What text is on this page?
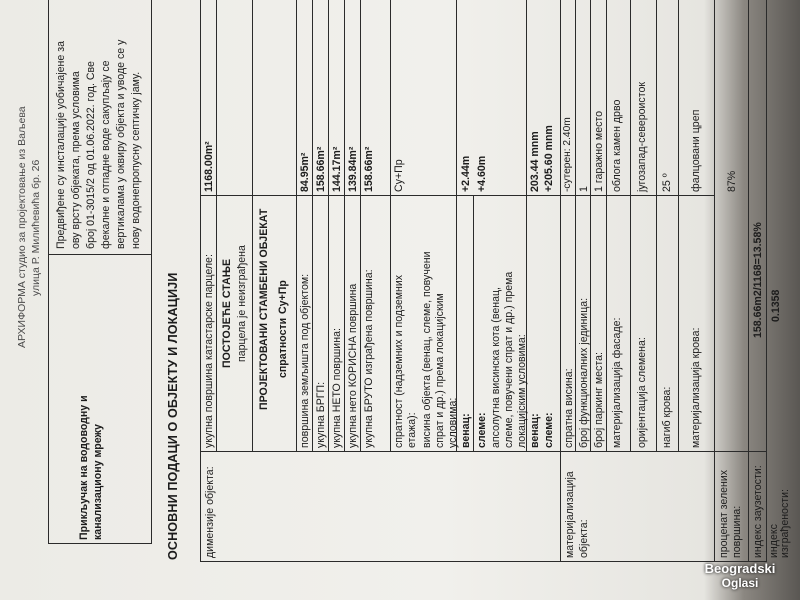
АРХИФОРМА студио за пројектовање из Ваљева улица Р. Милићевића бр. 26
Прикључак на водоводну и канализациону мрежу
Предвиђене су инсталације уобичајене за ову врсту објеката, према условима број 01-3015/2 од 01.06.2022. год. Све фекалне и отпадне воде сакупљају се вертикалама у оквиру објекта и уводе се у нову водонепропусну септичку јаму.
ОСНОВНИ ПОДАЦИ О ОБЈЕКТУ И ЛОКАЦИЈИ димензије објекта:	материјализација објекта:
укупна површина катастарске парцеле:
1168.00m²
ПОСТОЈЕЋЕ СТАЊЕ парцела је неизграђена ПРОЈЕКТОВАНИ СТАМБЕНИ ОБЈЕКАТ спратности
Су+Пр површина земљишта под објектом:
84.95m²
укупна БРГП:
158.66m²
укупна НЕТО површина:
144.17m²
укупна нето КОРИСНА површина
139.84m²
укупна БРУТО изграђена површина:
158.66m²
спратност (надземних и подземних етажа):
Су+Пр
висина објекта (венац, слеме, повучени спрат и др.) према локацијским условима: венац:
+2.44m
слеме:
+4.60m
апсолутна висинска кота (венац, слеме, повучени спрат и др.) према локацијским условима: венац:
203.44 mnm
слеме:
+205.60 mnm
спратна висина:
-сутерен: 2.40m
број функционалних јединица:
1
број паркинг места:
1 гаражно место
материјализација фасаде:
облога камен дрво
оријентација слемена:
југозапад-североисток
нагиб крова:
25 º
материјализација крова:
фалцовани цреп
проценат зелених површина:
87%
индекс заузетости:
158.66m2/1168=13.58%
индекс изграђености:
0.1358
Beogradski
Oglasi
